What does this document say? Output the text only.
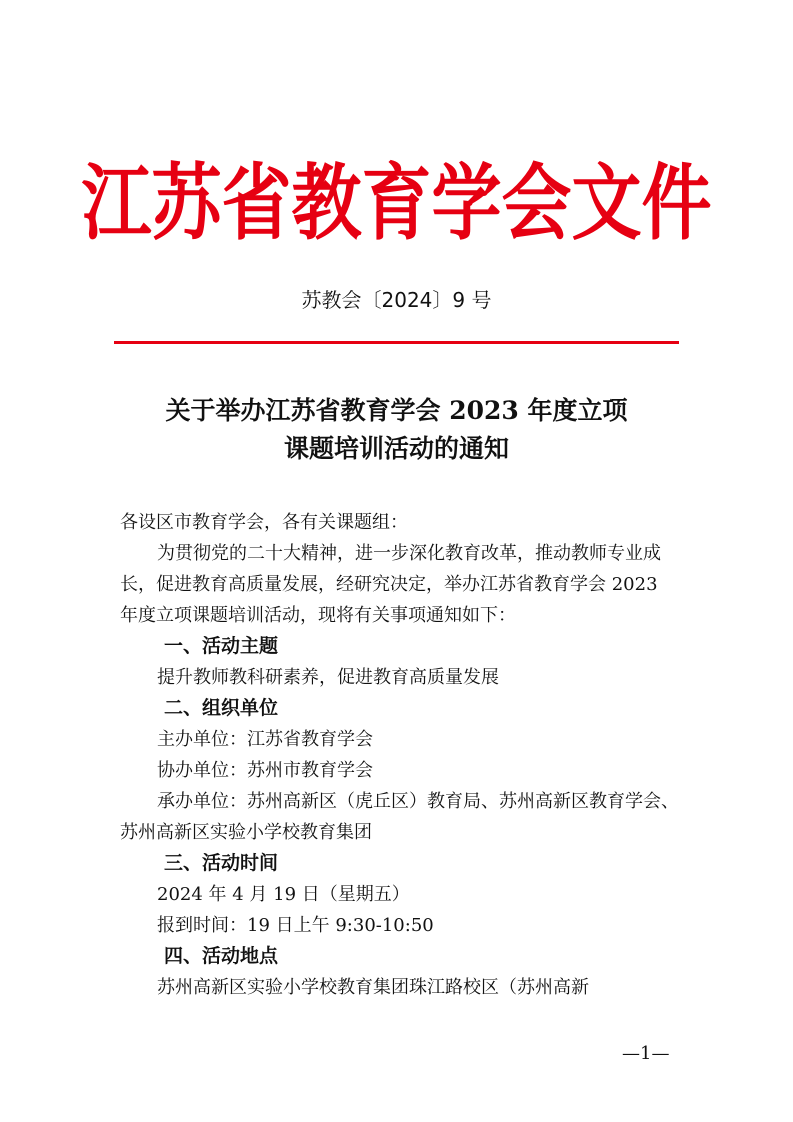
江苏省教育学会文件
苏教会〔2024〕9 号
关于举办江苏省教育学会 2023 年度立项
课题培训活动的通知

各设区市教育学会，各有关课题组：

为贯彻党的二十大精神，进一步深化教育改革，推动教师专业成长，促进教育高质量发展，经研究决定，举办江苏省教育学会 2023 年度立项课题培训活动，现将有关事项通知如下：

一、活动主题

提升教师教科研素养，促进教育高质量发展

二、组织单位

主办单位：江苏省教育学会

协办单位：苏州市教育学会

承办单位：苏州高新区（虎丘区）教育局、苏州高新区教育学会、苏州高新区实验小学校教育集团

三、活动时间

2024 年 4 月 19 日（星期五）

报到时间：19 日上午 9:30-10:50

四、活动地点

苏州高新区实验小学校教育集团珠江路校区（苏州高新

—1—
